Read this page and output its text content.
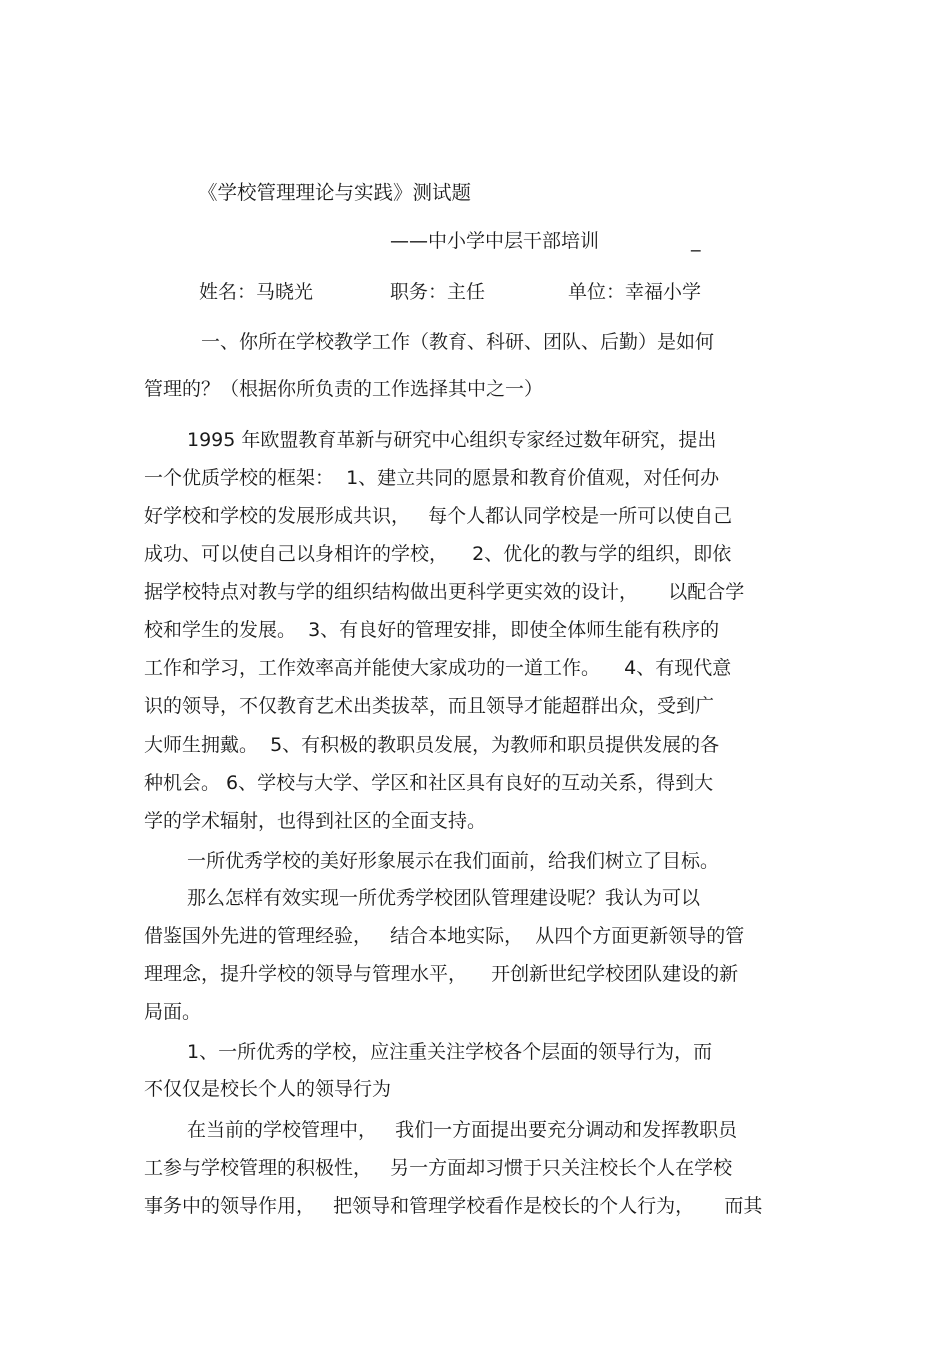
《学校管理理论与实践》测试题
——中小学中层干部培训	_
姓名：马晓光	职务：主任	单位：幸福小学
一、你所在学校教学工作（教育、科研、团队、后勤）是如何
管理的？（根据你所负责的工作选择其中之一）
1995 年欧盟教育革新与研究中心组织专家经过数年研究，提出
一个优质学校的框架：  1、建立共同的愿景和教育价值观，对任何办
好学校和学校的发展形成共识，   每个人都认同学校是一所可以使自己
成功、可以使自己以身相许的学校，    2、优化的教与学的组织，即依
据学校特点对教与学的组织结构做出更科学更实效的设计，     以配合学
校和学生的发展。  3、有良好的管理安排，即使全体师生能有秩序的
工作和学习，工作效率高并能使大家成功的一道工作。    4、有现代意
识的领导，不仅教育艺术出类拔萃，而且领导才能超群出众，受到广
大师生拥戴。  5、有积极的教职员发展，为教师和职员提供发展的各
种机会。 6、学校与大学、学区和社区具有良好的互动关系，得到大
学的学术辐射，也得到社区的全面支持。
一所优秀学校的美好形象展示在我们面前，给我们树立了目标。
那么怎样有效实现一所优秀学校团队管理建设呢？我认为可以
借鉴国外先进的管理经验，   结合本地实际，  从四个方面更新领导的管
理理念，提升学校的领导与管理水平，    开创新世纪学校团队建设的新
局面。
1、一所优秀的学校，应注重关注学校各个层面的领导行为，而
不仅仅是校长个人的领导行为
在当前的学校管理中，   我们一方面提出要充分调动和发挥教职员
工参与学校管理的积极性，   另一方面却习惯于只关注校长个人在学校
事务中的领导作用，   把领导和管理学校看作是校长的个人行为，     而其
